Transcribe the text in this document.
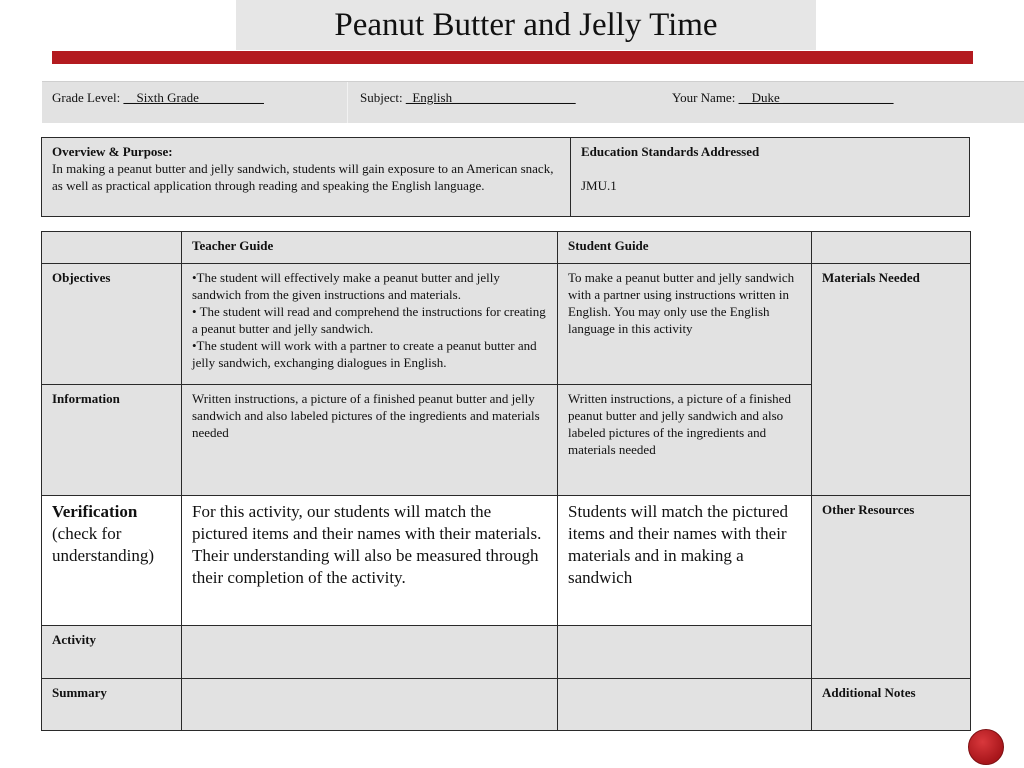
Peanut Butter and Jelly Time
Grade Level: __Sixth Grade__________	Subject: _English___________________	Your Name: __Duke _________________
Overview & Purpose:
In making a peanut butter and jelly sandwich, students will gain exposure to an American snack, as well as practical application through reading and speaking the English language.

Education Standards Addressed
JMU.1
	Teacher Guide	Student Guide	
Objectives	•The student will effectively make a peanut butter and jelly sandwich from the given instructions and materials.
• The student will read and comprehend the instructions for creating a peanut butter and jelly sandwich.
•The student will work with a partner to create a peanut butter and jelly sandwich, exchanging dialogues in English.	To make a peanut butter and jelly sandwich with a partner using instructions written in English. You may only use the English language in this activity	Materials Needed
Information	Written instructions, a picture of a finished peanut butter and jelly sandwich and also labeled pictures of the ingredients and materials needed	Written instructions, a picture of a finished peanut butter and jelly sandwich and also labeled pictures of the ingredients and materials needed	

Verification
(check for understanding)	For this activity, our students will match the pictured items and their names with their materials. Their understanding will also be measured through their completion of the activity.	Students will match the pictured items and their names with their materials and in making a sandwich	Other Resources
Activity			
Summary			Additional Notes
